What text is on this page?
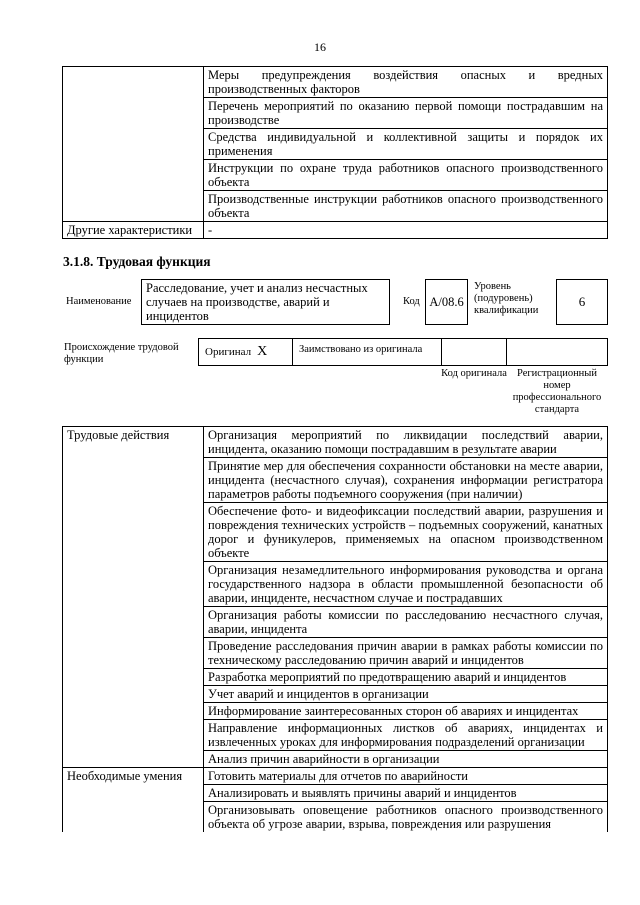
16
	Меры предупреждения воздействия опасных и вредных производственных факторов
	Перечень мероприятий по оказанию первой помощи пострадавшим на производстве
	Средства индивидуальной и коллективной защиты и порядок их применения
	Инструкции по охране труда работников опасного производственного объекта
	Производственные инструкции работников опасного производственного объекта
Другие характеристики	-
3.1.8. Трудовая функция
Наименование
Расследование, учет и анализ несчастных случаев на производстве, аварий и инцидентов
Код А/08.6
Уровень (подуровень) квалификации
6
Происхождение трудовой функции
Оригинал X	Заимствовано из оригинала
Код оригинала Регистрационный номер профессионального стандарта
Трудовые действия	Организация мероприятий по ликвидации последствий аварии, инцидента, оказанию помощи пострадавшим в результате аварии
	Принятие мер для обеспечения сохранности обстановки на месте аварии, инцидента (несчастного случая), сохранения информации регистратора параметров работы подъемного сооружения (при наличии)
	Обеспечение фото- и видеофиксации последствий аварии, разрушения и повреждения технических устройств – подъемных сооружений, канатных дорог и фуникулеров, применяемых на опасном производственном объекте
	Организация незамедлительного информирования руководства и органа государственного надзора в области промышленной безопасности об аварии, инциденте, несчастном случае и пострадавших
	Организация работы комиссии по расследованию несчастного случая, аварии, инцидента
	Проведение расследования причин аварии в рамках работы комиссии по техническому расследованию причин аварий и инцидентов
	Разработка мероприятий по предотвращению аварий и инцидентов
	Учет аварий и инцидентов в организации
	Информирование заинтересованных сторон об авариях и инцидентах
	Направление информационных листков об авариях, инцидентах и извлеченных уроках для информирования подразделений организации
	Анализ причин аварийности в организации
Необходимые умения	Готовить материалы для отчетов по аварийности
	Анализировать и выявлять причины аварий и инцидентов
	Организовывать оповещение работников опасного производственного объекта об угрозе аварии, взрыва, повреждения или разрушения
